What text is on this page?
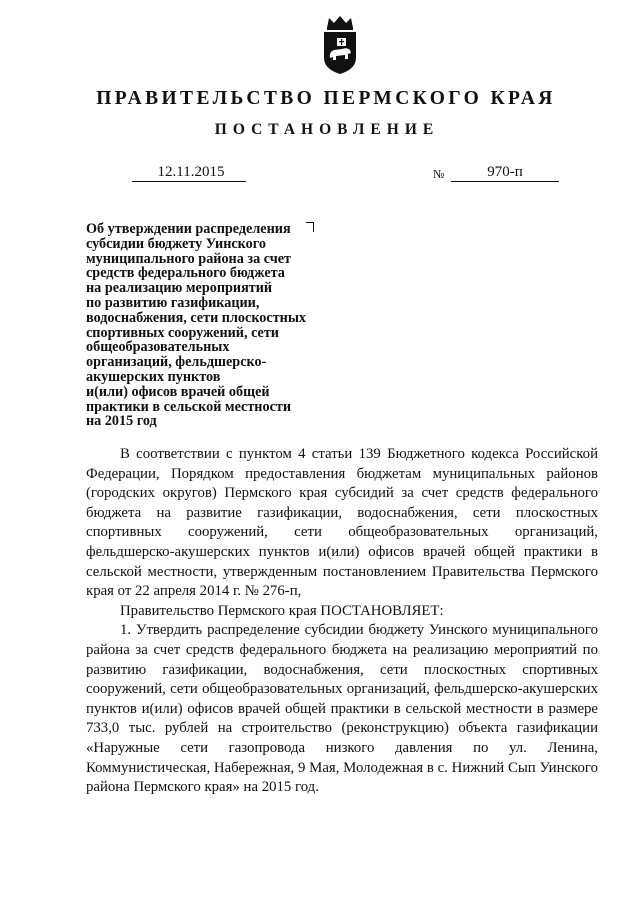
ПРАВИТЕЛЬСТВО ПЕРМСКОГО КРАЯ
ПОСТАНОВЛЕНИЕ
12.11.2015	№	970-п
Об утверждении распределения
субсидии бюджету Уинского
муниципального района за счет
средств федерального бюджета
на реализацию мероприятий
по развитию газификации,
водоснабжения, сети плоскостных
спортивных сооружений, сети
общеобразовательных
организаций, фельдшерско-
акушерских пунктов
и(или) офисов врачей общей
практики в сельской местности
на 2015 год

В соответствии с пунктом 4 статьи 139 Бюджетного кодекса Российской Федерации, Порядком предоставления бюджетам муниципальных районов (городских округов) Пермского края субсидий за счет средств федерального бюджета на развитие газификации, водоснабжения, сети плоскостных спортивных сооружений, сети общеобразовательных организаций, фельдшерско-акушерских пунктов и(или) офисов врачей общей практики в сельской местности, утвержденным постановлением Правительства Пермского края от 22 апреля 2014 г. № 276-п,

Правительство Пермского края ПОСТАНОВЛЯЕТ:

1. Утвердить распределение субсидии бюджету Уинского муниципального района за счет средств федерального бюджета на реализацию мероприятий по развитию газификации, водоснабжения, сети плоскостных спортивных сооружений, сети общеобразовательных организаций, фельдшерско-акушерских пунктов и(или) офисов врачей общей практики в сельской местности в размере 733,0 тыс. рублей на строительство (реконструкцию) объекта газификации «Наружные сети газопровода низкого давления по ул. Ленина, Коммунистическая, Набережная, 9 Мая, Молодежная в с. Нижний Сып Уинского района Пермского края» на 2015 год.
